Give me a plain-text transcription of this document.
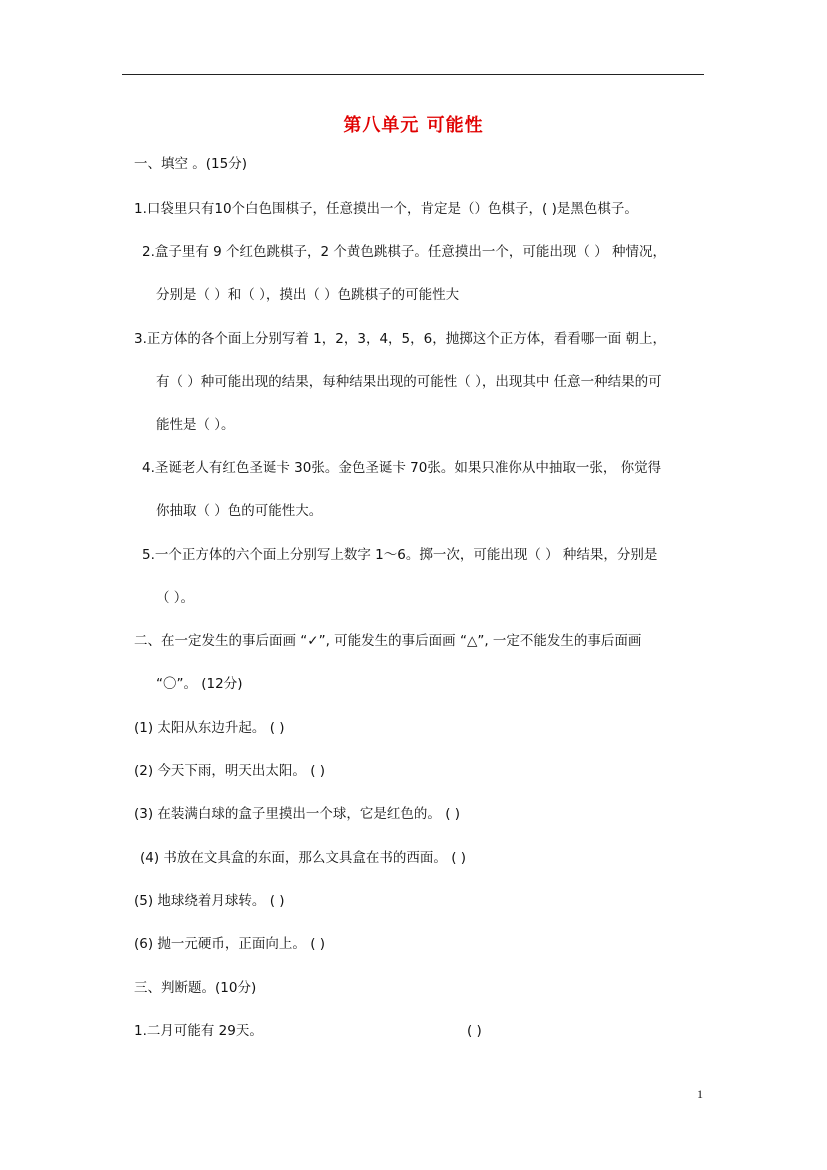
第八单元 可能性
一、填空 。(15分)
1.口袋里只有10个白色围棋子，任意摸出一个，肯定是（）色棋子，( )是黑色棋子。
2.盒子里有 9 个红色跳棋子，2 个黄色跳棋子。任意摸出一个，可能出现（ ） 种情况，
分别是（ ）和（ ），摸出（ ）色跳棋子的可能性大
3.正方体的各个面上分别写着 1，2，3，4，5，6，抛掷这个正方体，看看哪一面 朝上，
有（ ）种可能出现的结果，每种结果出现的可能性（ ），出现其中 任意一种结果的可
能性是（ ）。
4.圣诞老人有红色圣诞卡 30张。金色圣诞卡 70张。如果只准你从中抽取一张， 你觉得
你抽取（ ）色的可能性大。
5.一个正方体的六个面上分别写上数字 1～6。掷一次，可能出现（ ） 种结果，分别是
（ ）。
二、在一定发生的事后面画 “✓”, 可能发生的事后面画 “△”, 一定不能发生的事后面画
“〇”。 (12分)
(1) 太阳从东边升起。 ( )
(2) 今天下雨，明天出太阳。 ( )
(3) 在装满白球的盒子里摸出一个球，它是红色的。 ( )
(4) 书放在文具盒的东面，那么文具盒在书的西面。 ( )
(5) 地球绕着月球转。 ( )
(6) 抛一元硬币，正面向上。 ( )
三、判断题。(10分)
1.二月可能有 29天。	( )
1
